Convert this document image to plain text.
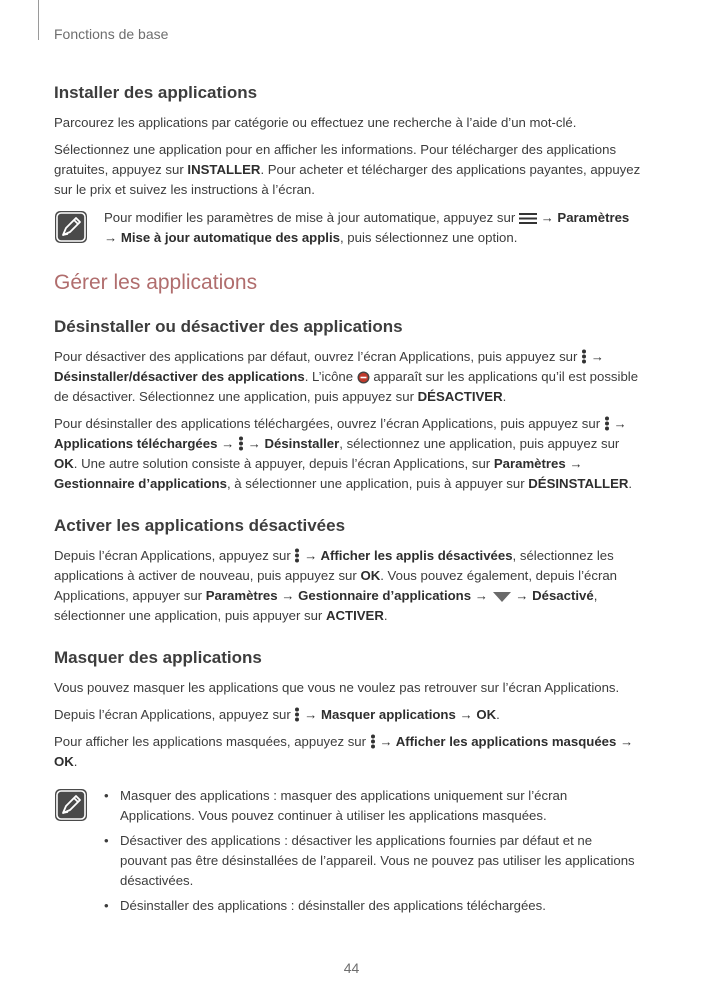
Fonctions de base
Installer des applications

Parcourez les applications par catégorie ou effectuez une recherche à l’aide d’un mot-clé.

Sélectionnez une application pour en afficher les informations. Pour télécharger des applications gratuites, appuyez sur INSTALLER. Pour acheter et télécharger des applications payantes, appuyez sur le prix et suivez les instructions à l’écran.

Pour modifier les paramètres de mise à jour automatique, appuyez sur  → Paramètres → Mise à jour automatique des applis, puis sélectionnez une option.

Gérer les applications
Désinstaller ou désactiver des applications

Pour désactiver des applications par défaut, ouvrez l’écran Applications, puis appuyez sur  → Désinstaller/désactiver des applications. L’icône  apparaît sur les applications qu’il est possible de désactiver. Sélectionnez une application, puis appuyez sur DÉSACTIVER.

Pour désinstaller des applications téléchargées, ouvrez l’écran Applications, puis appuyez sur  → Applications téléchargées → → Désinstaller, sélectionnez une application, puis appuyez sur OK. Une autre solution consiste à appuyer, depuis l’écran Applications, sur Paramètres → Gestionnaire d’applications, à sélectionner une application, puis à appuyer sur DÉSINSTALLER.

Activer les applications désactivées

Depuis l’écran Applications, appuyez sur  → Afficher les applis désactivées, sélectionnez les applications à activer de nouveau, puis appuyez sur OK. Vous pouvez également, depuis l’écran Applications, appuyer sur Paramètres → Gestionnaire d’applications → → Désactivé, sélectionner une application, puis appuyer sur ACTIVER.

Masquer des applications

Vous pouvez masquer les applications que vous ne voulez pas retrouver sur l’écran Applications.

Depuis l’écran Applications, appuyez sur  → Masquer applications → OK.

Pour afficher les applications masquées, appuyez sur  → Afficher les applications masquées → OK.

• Masquer des applications : masquer des applications uniquement sur l’écran Applications. Vous pouvez continuer à utiliser les applications masquées.
• Désactiver des applications : désactiver les applications fournies par défaut et ne pouvant pas être désinstallées de l’appareil. Vous ne pouvez pas utiliser les applications désactivées.
• Désinstaller des applications : désinstaller des applications téléchargées.
44
